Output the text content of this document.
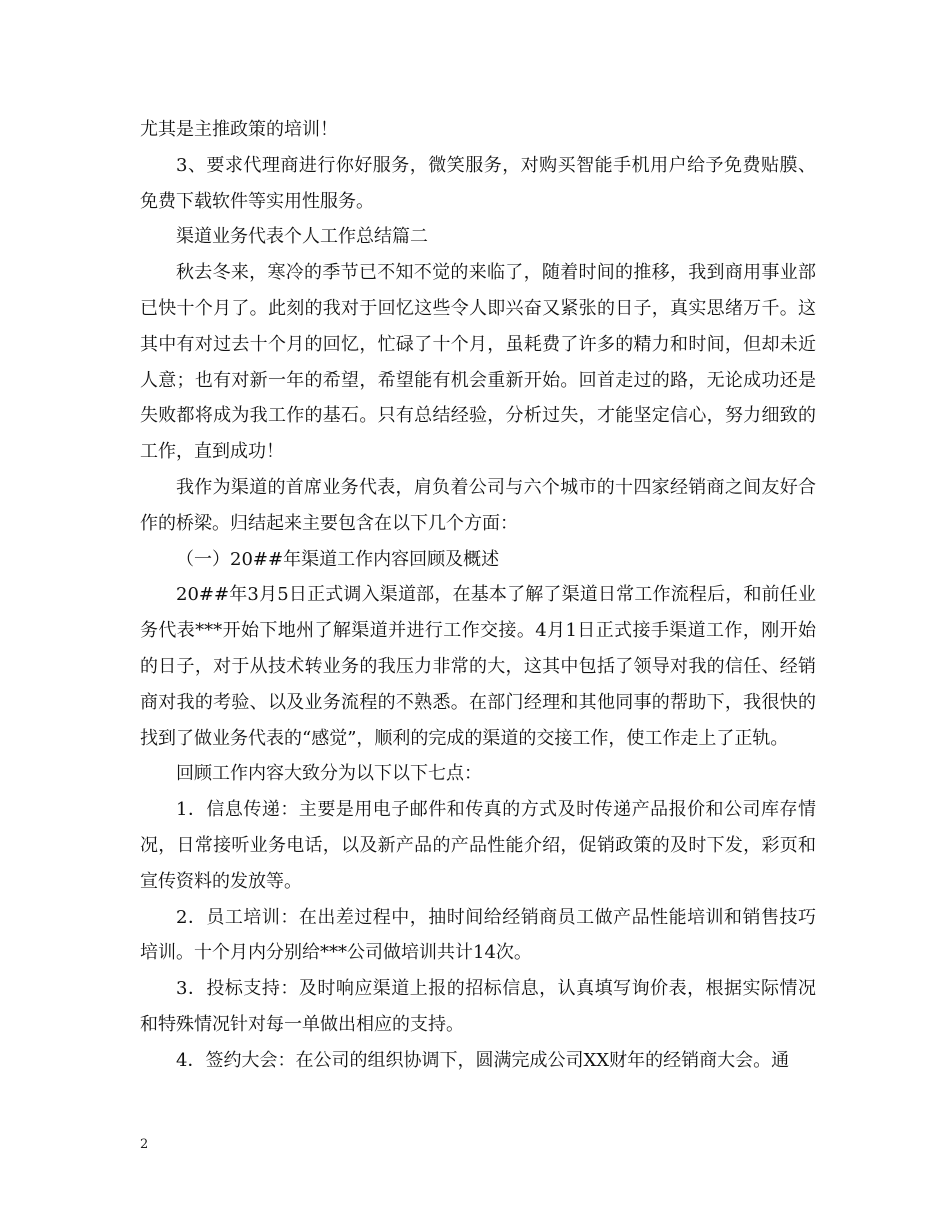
尤其是主推政策的培训！

3、要求代理商进行你好服务，微笑服务，对购买智能手机用户给予免费贴膜、免费下载软件等实用性服务。

渠道业务代表个人工作总结篇二

秋去冬来，寒冷的季节已不知不觉的来临了，随着时间的推移，我到商用事业部已快十个月了。此刻的我对于回忆这些令人即兴奋又紧张的日子，真实思绪万千。这其中有对过去十个月的回忆，忙碌了十个月，虽耗费了许多的精力和时间，但却未近人意；也有对新一年的希望，希望能有机会重新开始。回首走过的路，无论成功还是失败都将成为我工作的基石。只有总结经验，分析过失，才能坚定信心，努力细致的工作，直到成功！

我作为渠道的首席业务代表，肩负着公司与六个城市的十四家经销商之间友好合作的桥梁。归结起来主要包含在以下几个方面：

（一）20##年渠道工作内容回顾及概述

20##年3月5日正式调入渠道部，在基本了解了渠道日常工作流程后，和前任业务代表***开始下地州了解渠道并进行工作交接。4月1日正式接手渠道工作，刚开始的日子，对于从技术转业务的我压力非常的大，这其中包括了领导对我的信任、经销商对我的考验、以及业务流程的不熟悉。在部门经理和其他同事的帮助下，我很快的找到了做业务代表的“感觉”，顺利的完成的渠道的交接工作，使工作走上了正轨。

回顾工作内容大致分为以下以下七点：

1．信息传递：主要是用电子邮件和传真的方式及时传递产品报价和公司库存情况，日常接听业务电话，以及新产品的产品性能介绍，促销政策的及时下发，彩页和宣传资料的发放等。

2．员工培训：在出差过程中，抽时间给经销商员工做产品性能培训和销售技巧培训。十个月内分别给***公司做培训共计14次。

3．投标支持：及时响应渠道上报的招标信息，认真填写询价表，根据实际情况和特殊情况针对每一单做出相应的支持。

4．签约大会：在公司的组织协调下，圆满完成公司XX财年的经销商大会。通

2
